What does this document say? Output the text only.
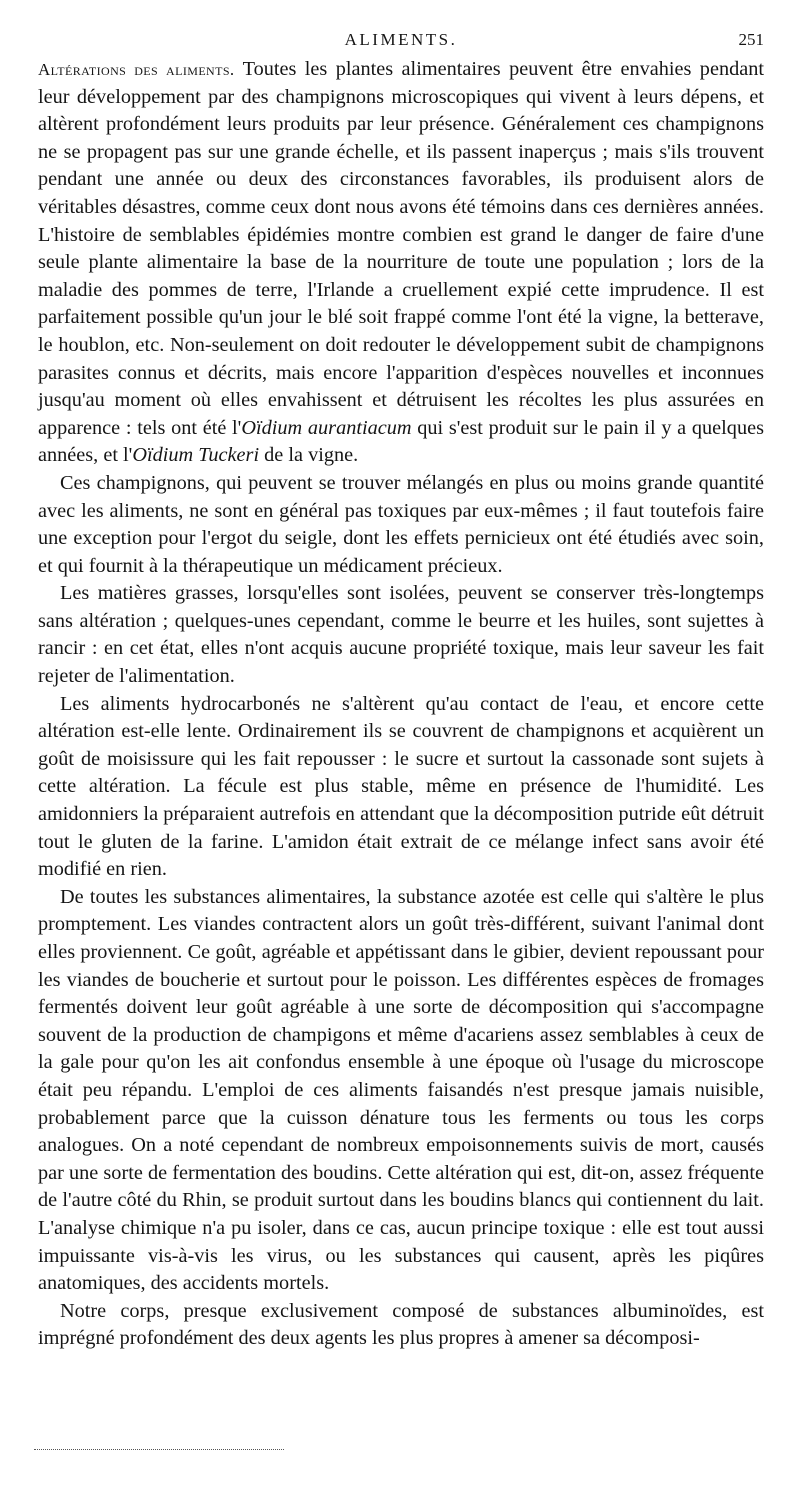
ALIMENTS.	251

Altérations des aliments. Toutes les plantes alimentaires peuvent être envahies pendant leur développement par des champignons microscopiques qui vivent à leurs dépens, et altèrent profondément leurs produits par leur présence. Généralement ces champignons ne se propagent pas sur une grande échelle, et ils passent inaperçus ; mais s'ils trouvent pendant une année ou deux des circonstances favorables, ils produisent alors de véritables désastres, comme ceux dont nous avons été témoins dans ces dernières années. L'histoire de semblables épidémies montre combien est grand le danger de faire d'une seule plante alimentaire la base de la nourriture de toute une population ; lors de la maladie des pommes de terre, l'Irlande a cruellement expié cette imprudence. Il est parfaitement possible qu'un jour le blé soit frappé comme l'ont été la vigne, la betterave, le houblon, etc. Non-seulement on doit redouter le développement subit de champignons parasites connus et décrits, mais encore l'apparition d'espèces nouvelles et inconnues jusqu'au moment où elles envahissent et détruisent les récoltes les plus assurées en apparence : tels ont été l'Oïdium aurantiacum qui s'est produit sur le pain il y a quelques années, et l'Oïdium Tuckeri de la vigne.

Ces champignons, qui peuvent se trouver mélangés en plus ou moins grande quantité avec les aliments, ne sont en général pas toxiques par eux-mêmes ; il faut toutefois faire une exception pour l'ergot du seigle, dont les effets pernicieux ont été étudiés avec soin, et qui fournit à la thérapeutique un médicament précieux.

Les matières grasses, lorsqu'elles sont isolées, peuvent se conserver très-longtemps sans altération ; quelques-unes cependant, comme le beurre et les huiles, sont sujettes à rancir : en cet état, elles n'ont acquis aucune propriété toxique, mais leur saveur les fait rejeter de l'alimentation.

Les aliments hydrocarbonés ne s'altèrent qu'au contact de l'eau, et encore cette altération est-elle lente. Ordinairement ils se couvrent de champignons et acquièrent un goût de moisissure qui les fait repousser : le sucre et surtout la cassonade sont sujets à cette altération. La fécule est plus stable, même en présence de l'humidité. Les amidonniers la préparaient autrefois en attendant que la décomposition putride eût détruit tout le gluten de la farine. L'amidon était extrait de ce mélange infect sans avoir été modifié en rien.

De toutes les substances alimentaires, la substance azotée est celle qui s'altère le plus promptement. Les viandes contractent alors un goût très-différent, suivant l'animal dont elles proviennent. Ce goût, agréable et appétissant dans le gibier, devient repoussant pour les viandes de boucherie et surtout pour le poisson. Les différentes espèces de fromages fermentés doivent leur goût agréable à une sorte de décomposition qui s'accompagne souvent de la production de champigons et même d'acariens assez semblables à ceux de la gale pour qu'on les ait confondus ensemble à une époque où l'usage du microscope était peu répandu. L'emploi de ces aliments faisandés n'est presque jamais nuisible, probablement parce que la cuisson dénature tous les ferments ou tous les corps analogues. On a noté cependant de nombreux empoisonnements suivis de mort, causés par une sorte de fermentation des boudins. Cette altération qui est, dit-on, assez fréquente de l'autre côté du Rhin, se produit surtout dans les boudins blancs qui contiennent du lait. L'analyse chimique n'a pu isoler, dans ce cas, aucun principe toxique : elle est tout aussi impuissante vis-à-vis les virus, ou les substances qui causent, après les piqûres anatomiques, des accidents mortels.

Notre corps, presque exclusivement composé de substances albuminoïdes, est imprégné profondément des deux agents les plus propres à amener sa décomposi-
